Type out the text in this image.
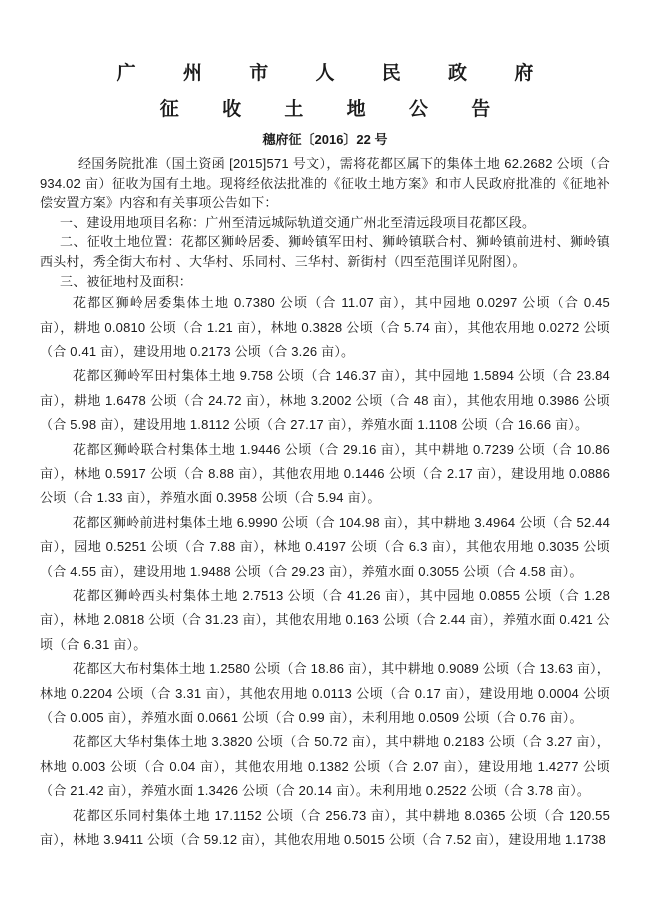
广 州 市 人 民 政 府
征 收 土 地 公 告
穗府征〔2016〕22 号

经国务院批准（国土资函 [2015]571 号文），需将花都区属下的集体土地 62.2682 公顷（合 934.02 亩）征收为国有土地。现将经依法批准的《征收土地方案》和市人民政府批准的《征地补偿安置方案》内容和有关事项公告如下：

一、建设用地项目名称：广州至清远城际轨道交通广州北至清远段项目花都区段。

二、征收土地位置：花都区狮岭居委、狮岭镇军田村、狮岭镇联合村、狮岭镇前进村、狮岭镇西头村，秀全街大布村 、大华村、乐同村、三华村、新街村（四至范围详见附图）。

三、被征地村及面积：

花都区狮岭居委集体土地 0.7380 公顷（合 11.07 亩），其中园地 0.0297 公顷（合 0.45 亩），耕地 0.0810 公顷（合 1.21 亩），林地 0.3828 公顷（合 5.74 亩），其他农用地 0.0272 公顷（合 0.41 亩），建设用地 0.2173 公顷（合 3.26 亩）。

花都区狮岭军田村集体土地 9.758 公顷（合 146.37 亩），其中园地 1.5894 公顷（合 23.84 亩），耕地 1.6478 公顷（合 24.72 亩），林地 3.2002 公顷（合 48 亩），其他农用地 0.3986 公顷（合 5.98 亩），建设用地 1.8112 公顷（合 27.17 亩），养殖水面 1.1108 公顷（合 16.66 亩）。

花都区狮岭联合村集体土地 1.9446 公顷（合 29.16 亩），其中耕地 0.7239 公顷（合 10.86 亩），林地 0.5917 公顷（合 8.88 亩），其他农用地 0.1446 公顷（合 2.17 亩），建设用地 0.0886 公顷（合 1.33 亩），养殖水面 0.3958 公顷（合 5.94 亩）。

花都区狮岭前进村集体土地 6.9990 公顷（合 104.98 亩），其中耕地 3.4964 公顷（合 52.44 亩），园地 0.5251 公顷（合 7.88 亩），林地 0.4197 公顷（合 6.3 亩），其他农用地 0.3035 公顷（合 4.55 亩），建设用地 1.9488 公顷（合 29.23 亩），养殖水面 0.3055 公顷（合 4.58 亩）。

花都区狮岭西头村集体土地 2.7513 公顷（合 41.26 亩），其中园地 0.0855 公顷（合 1.28 亩），林地 2.0818 公顷（合 31.23 亩），其他农用地 0.163 公顷（合 2.44 亩），养殖水面 0.421 公顷（合 6.31 亩）。

花都区大布村集体土地 1.2580 公顷（合 18.86 亩），其中耕地 0.9089 公顷（合 13.63 亩），林地 0.2204 公顷（合 3.31 亩），其他农用地 0.0113 公顷（合 0.17 亩），建设用地 0.0004 公顷（合 0.005 亩），养殖水面 0.0661 公顷（合 0.99 亩），未利用地 0.0509 公顷（合 0.76 亩）。

花都区大华村集体土地 3.3820 公顷（合 50.72 亩），其中耕地 0.2183 公顷（合 3.27 亩），林地 0.003 公顷（合 0.04 亩），其他农用地 0.1382 公顷（合 2.07 亩），建设用地 1.4277 公顷（合 21.42 亩），养殖水面 1.3426 公顷（合 20.14 亩）。未利用地 0.2522 公顷（合 3.78 亩）。

花都区乐同村集体土地 17.1152 公顷（合 256.73 亩），其中耕地 8.0365 公顷（合 120.55 亩），林地 3.9411 公顷（合 59.12 亩），其他农用地 0.5015 公顷（合 7.52 亩），建设用地 1.1738
